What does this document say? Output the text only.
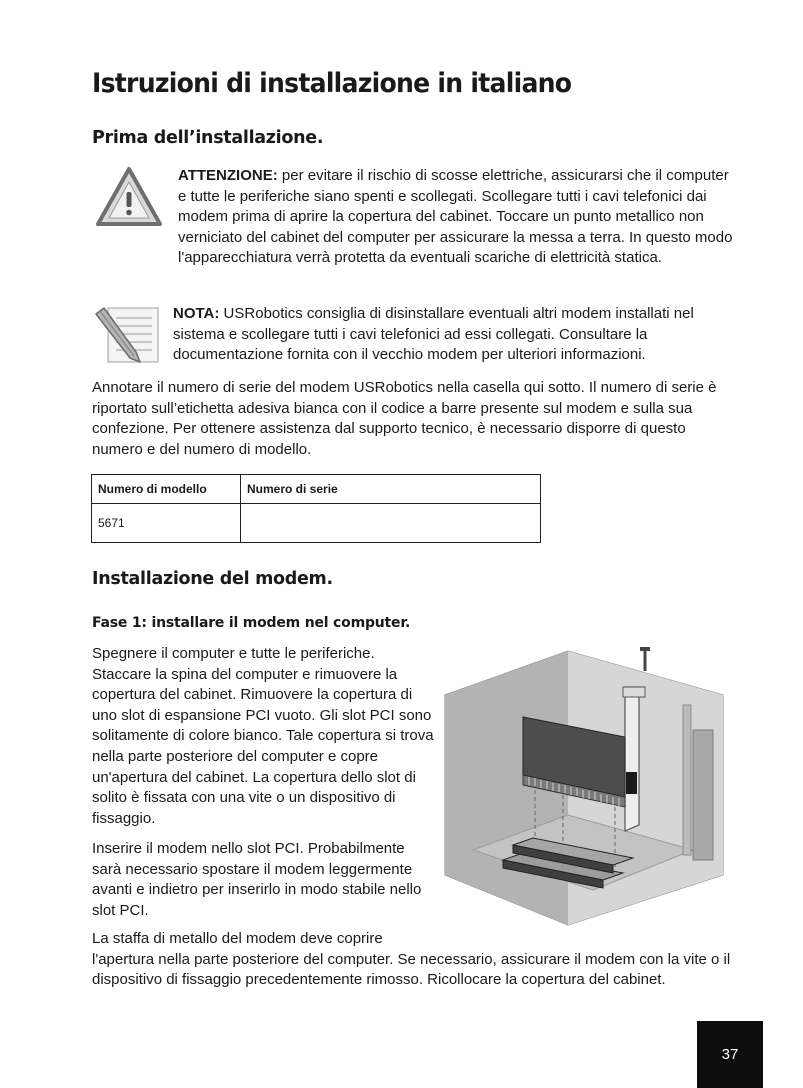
Istruzioni di installazione in italiano
Prima dell’installazione.

ATTENZIONE: per evitare il rischio di scosse elettriche, assicurarsi che il computer e tutte le periferiche siano spenti e scollegati. Scollegare tutti i cavi telefonici dai modem prima di aprire la copertura del cabinet. Toccare un punto metallico non verniciato del cabinet del computer per assicurare la messa a terra. In questo modo l'apparecchiatura verrà protetta da eventuali scariche di elettricità statica.

NOTA: USRobotics consiglia di disinstallare eventuali altri modem installati nel sistema e scollegare tutti i cavi telefonici ad essi collegati. Consultare la documentazione fornita con il vecchio modem per ulteriori informazioni.

Annotare il numero di serie del modem USRobotics nella casella qui sotto. Il numero di serie è riportato sull’etichetta adesiva bianca con il codice a barre presente sul modem e sulla sua confezione. Per ottenere assistenza dal supporto tecnico, è necessario disporre di questo numero e del numero di modello.

Numero di modello	Numero di serie
5671	
Installazione del modem.
Fase 1: installare il modem nel computer.

Spegnere il computer e tutte le periferiche. Staccare la spina del computer e rimuovere la copertura del cabinet. Rimuovere la copertura di uno slot di espansione PCI vuoto. Gli slot PCI sono solitamente di colore bianco. Tale copertura si trova nella parte posteriore del computer e copre un'apertura del cabinet. La copertura dello slot di solito è fissata con una vite o un dispositivo di fissaggio.

Inserire il modem nello slot PCI. Probabilmente sarà necessario spostare il modem leggermente avanti e indietro per inserirlo in modo stabile nello slot PCI.

La staffa di metallo del modem deve coprire
l'apertura nella parte posteriore del computer. Se necessario, assicurare il modem con la vite o il dispositivo di fissaggio precedentemente rimosso. Ricollocare la copertura del cabinet.

37
